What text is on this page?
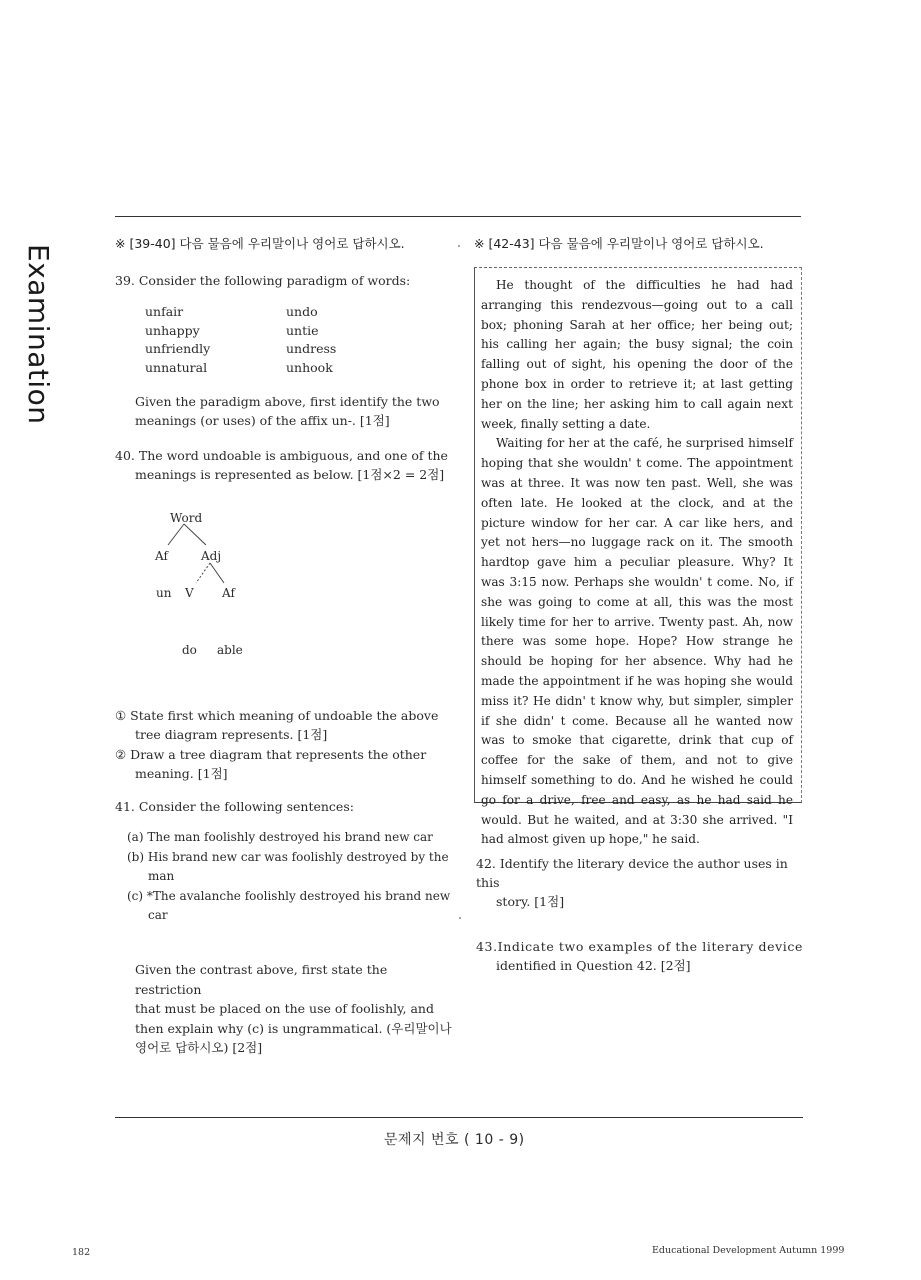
Examination
※ [39-40] 다음 물음에 우리말이나 영어로 답하시오.
39. Consider the following paradigm of words:
unfair
unhappy
unfriendly
unnatural
undo
untie
undress
unhook
Given the paradigm above, first identify the two
meanings (or uses) of the affix un-. [1점]
40. The word undoable is ambiguous, and one of the
meanings is represented as below. [1점×2 = 2점]
Word
Af	Adj
un V Af
do able
① State first which meaning of undoable the above
tree diagram represents. [1점]
② Draw a tree diagram that represents the other
meaning. [1점]
41. Consider the following sentences:
(a) The man foolishly destroyed his brand new car
(b) His brand new car was foolishly destroyed by the
man
(c) *The avalanche foolishly destroyed his brand new
car
Given the contrast above, first state the restriction
that must be placed on the use of foolishly, and
then explain why (c) is ungrammatical. (우리말이나
영어로 답하시오) [2점]
※ [42-43] 다음 물음에 우리말이나 영어로 답하시오.

He thought of the difficulties he had had arranging this rendezvous—going out to a call box; phoning Sarah at her office; her being out; his calling her again; the busy signal; the coin falling out of sight, his opening the door of the phone box in order to retrieve it; at last getting her on the line; her asking him to call again next week, finally setting a date.

Waiting for her at the café, he surprised himself hoping that she wouldn' t come. The appointment was at three. It was now ten past. Well, she was often late. He looked at the clock, and at the picture window for her car. A car like hers, and yet not hers—no luggage rack on it. The smooth hardtop gave him a peculiar pleasure. Why? It was 3:15 now. Perhaps she wouldn' t come. No, if she was going to come at all, this was the most likely time for her to arrive. Twenty past. Ah, now there was some hope. Hope? How strange he should be hoping for her absence. Why had he made the appointment if he was hoping she would miss it? He didn' t know why, but simpler, simpler if she didn' t come. Because all he wanted now was to smoke that cigarette, drink that cup of coffee for the sake of them, and not to give himself something to do. And he wished he could go for a drive, free and easy, as he had said he would. But he waited, and at 3:30 she arrived. "I had almost given up hope," he said.

42. Identify the literary device the author uses in this
story. [1점]
43.Indicate two examples of the literary device
identified in Question 42. [2점]
문제지 번호 ( 10 - 9)
182	Educational Development Autumn 1999
